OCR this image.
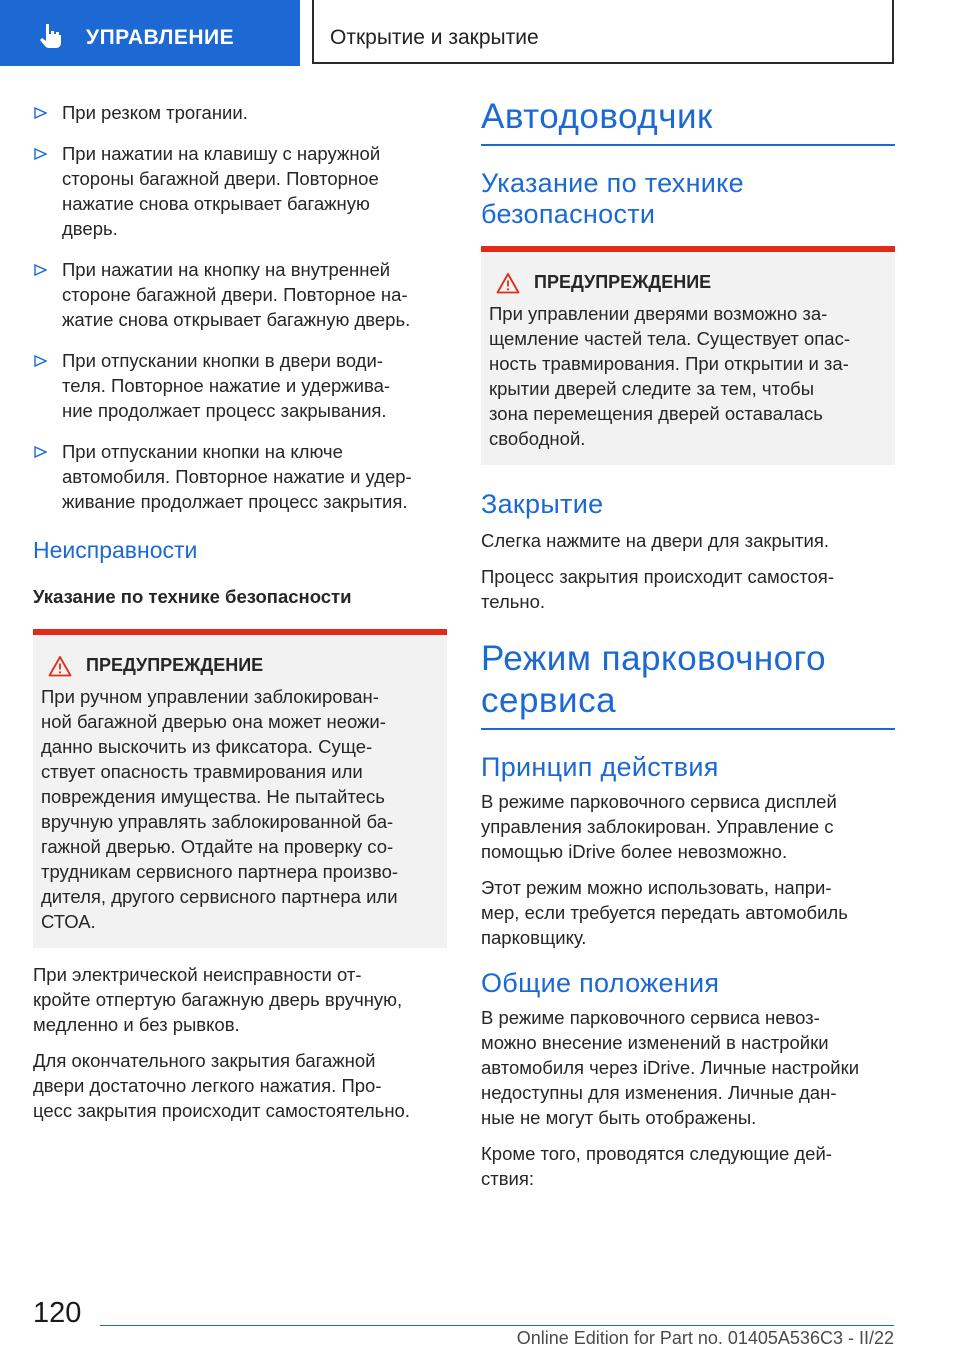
УПРАВЛЕНИЕ	Открытие и закрытие
При резком трогании.
При нажатии на клавишу с наружной
стороны багажной двери. Повторное
нажатие снова открывает багажную
дверь.
При нажатии на кнопку на внутренней
стороне багажной двери. Повторное на-
жатие снова открывает багажную дверь.
При отпускании кнопки в двери води-
теля. Повторное нажатие и удержива-
ние продолжает процесс закрывания.
При отпускании кнопки на ключе
автомобиля. Повторное нажатие и удер-
живание продолжает процесс закрытия.
Неисправности
Указание по технике безопасности
ПРЕДУПРЕЖДЕНИЕ
При ручном управлении заблокирован-
ной багажной дверью она может неожи-
данно выскочить из фиксатора. Суще-
ствует опасность травмирования или
повреждения имущества. Не пытайтесь
вручную управлять заблокированной ба-
гажной дверью. Отдайте на проверку со-
трудникам сервисного партнера произво-
дителя, другого сервисного партнера или
СТОА.

При электрической неисправности от-
кройте отпертую багажную дверь вручную,
медленно и без рывков.

Для окончательного закрытия багажной
двери достаточно легкого нажатия. Про-
цесс закрытия происходит самостоятельно.

Автодоводчик
Указание по технике
безопасности
ПРЕДУПРЕЖДЕНИЕ
При управлении дверями возможно за-
щемление частей тела. Существует опас-
ность травмирования. При открытии и за-
крытии дверей следите за тем, чтобы
зона перемещения дверей оставалась
свободной.
Закрытие

Слегка нажмите на двери для закрытия.

Процесс закрытия происходит самостоя-
тельно.

Режим парковочного
сервиса
Принцип действия

В режиме парковочного сервиса дисплей
управления заблокирован. Управление с
помощью iDrive более невозможно.

Этот режим можно использовать, напри-
мер, если требуется передать автомобиль
парковщику.

Общие положения

В режиме парковочного сервиса невоз-
можно внесение изменений в настройки
автомобиля через iDrive. Личные настройки
недоступны для изменения. Личные дан-
ные не могут быть отображены.

Кроме того, проводятся следующие дей-
ствия:

120
Online Edition for Part no. 01405A536C3 - II/22
